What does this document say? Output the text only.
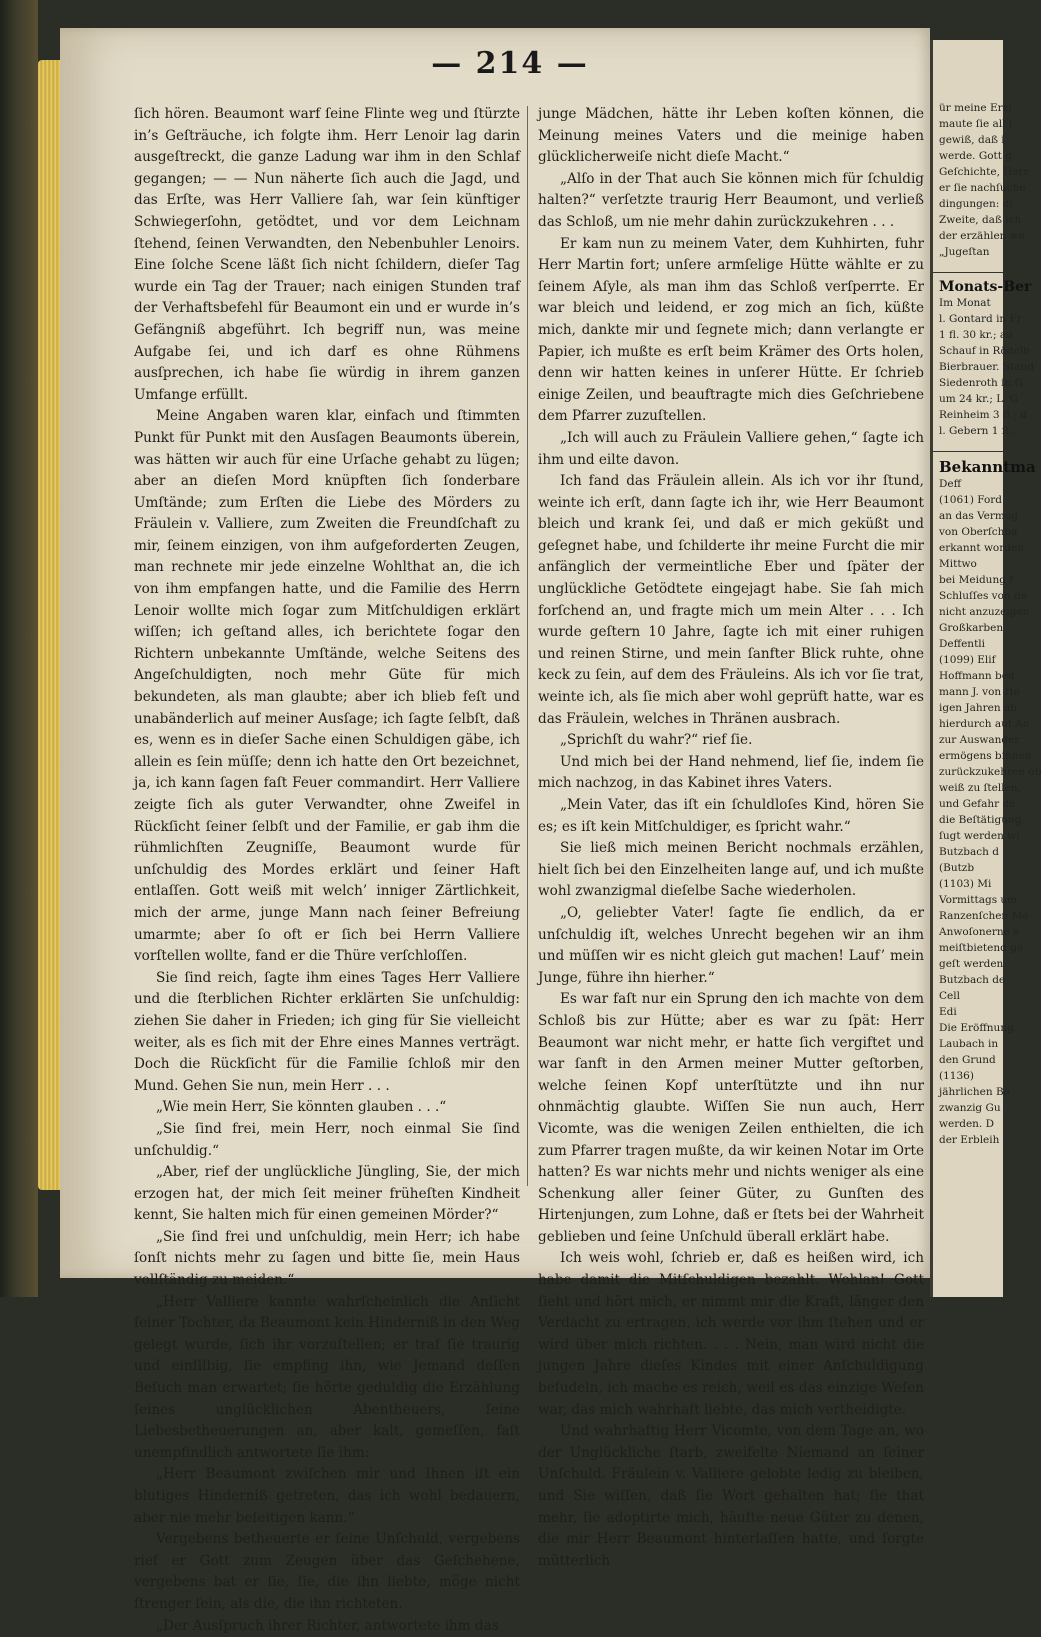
— 214 —

ſich hören. Beaumont warf ſeine Flinte weg und ſtürzte in’s Geſträuche, ich folgte ihm. Herr Lenoir lag darin ausgeſtreckt, die ganze Ladung war ihm in den Schlaf gegangen; — — Nun näherte ſich auch die Jagd, und das Erſte, was Herr Valliere ſah, war ſein künftiger Schwiegerſohn, getödtet, und vor dem Leichnam ſtehend, ſeinen Verwandten, den Nebenbuhler Lenoirs. Eine ſolche Scene läßt ſich nicht ſchildern, dieſer Tag wurde ein Tag der Trauer; nach einigen Stunden traf der Verhaftsbefehl für Beaumont ein und er wurde in’s Gefängniß abgeführt. Ich begriff nun, was meine Aufgabe ſei, und ich darf es ohne Rühmens ausſprechen, ich habe ſie würdig in ihrem ganzen Umfange erfüllt.

Meine Angaben waren klar, einfach und ſtimmten Punkt für Punkt mit den Ausſagen Beaumonts überein, was hätten wir auch für eine Urſache gehabt zu lügen; aber an dieſen Mord knüpften ſich ſonderbare Umſtände; zum Erſten die Liebe des Mörders zu Fräulein v. Valliere, zum Zweiten die Freundſchaft zu mir, ſeinem einzigen, von ihm aufgeforderten Zeugen, man rechnete mir jede einzelne Wohlthat an, die ich von ihm empfangen hatte, und die Familie des Herrn Lenoir wollte mich ſogar zum Mitſchuldigen erklärt wiſſen; ich geſtand alles, ich berichtete ſogar den Richtern unbekannte Umſtände, welche Seitens des Angeſchuldigten, noch mehr Güte für mich bekundeten, als man glaubte; aber ich blieb feſt und unabänderlich auf meiner Ausſage; ich ſagte ſelbſt, daß es, wenn es in dieſer Sache einen Schuldigen gäbe, ich allein es ſein müſſe; denn ich hatte den Ort bezeichnet, ja, ich kann ſagen faſt Feuer commandirt. Herr Valliere zeigte ſich als guter Verwandter, ohne Zweifel in Rückſicht ſeiner ſelbſt und der Familie, er gab ihm die rühmlichſten Zeugniſſe, Beaumont wurde für unſchuldig des Mordes erklärt und ſeiner Haft entlaſſen. Gott weiß mit welch’ inniger Zärtlichkeit, mich der arme, junge Mann nach ſeiner Befreiung umarmte; aber ſo oft er ſich bei Herrn Valliere vorſtellen wollte, fand er die Thüre verſchloſſen.

Sie ſind reich, ſagte ihm eines Tages Herr Valliere und die ſterblichen Richter erklärten Sie unſchuldig: ziehen Sie daher in Frieden; ich ging für Sie vielleicht weiter, als es ſich mit der Ehre eines Mannes verträgt. Doch die Rückſicht für die Familie ſchloß mir den Mund. Gehen Sie nun, mein Herr . . .

„Wie mein Herr, Sie könnten glauben . . .“

„Sie ſind frei, mein Herr, noch einmal Sie ſind unſchuldig.“

„Aber, rief der unglückliche Jüngling, Sie, der mich erzogen hat, der mich ſeit meiner früheſten Kindheit kennt, Sie halten mich für einen gemeinen Mörder?“

„Sie ſind frei und unſchuldig, mein Herr; ich habe ſonſt nichts mehr zu ſagen und bitte ſie, mein Haus vollſtändig zu meiden.“

„Herr Valliere kannte wahrſcheinlich die Anſicht ſeiner Tochter, da Beaumont kein Hinderniß in den Weg gelegt wurde, ſich ihr vorzuſtellen; er traf ſie traurig und einſilbig, ſie empfing ihn, wie Jemand deſſen Beſuch man erwartet; ſie hörte geduldig die Erzählung ſeines unglücklichen Abentheuers, ſeine Liebesbetheuerungen an, aber kalt, gemeſſen, faſt unempfindlich antwortete ſie ihm:

„Herr Beaumont zwiſchen mir und Ihnen iſt ein blutiges Hinderniß getreten, das ich wohl bedauern, aber nie mehr beſeitigen kann.“

Vergebens betheuerte er ſeine Unſchuld, vergebens rief er Gott zum Zeugen über das Geſchehene, vergebens bat er ſie, ſie, die ihn liebte, möge nicht ſtrenger ſein, als die, die ihn richteten.

„Der Ausſpruch ihrer Richter, antwortete ihm das

junge Mädchen, hätte ihr Leben koſten können, die Meinung meines Vaters und die meinige haben glücklicherweiſe nicht dieſe Macht.“

„Alſo in der That auch Sie können mich für ſchuldig halten?“ verſetzte traurig Herr Beaumont, und verließ das Schloß, um nie mehr dahin zurückzukehren . . .

Er kam nun zu meinem Vater, dem Kuhhirten, fuhr Herr Martin fort; unſere armſelige Hütte wählte er zu ſeinem Aſyle, als man ihm das Schloß verſperrte. Er war bleich und leidend, er zog mich an ſich, küßte mich, dankte mir und ſegnete mich; dann verlangte er Papier, ich mußte es erſt beim Krämer des Orts holen, denn wir hatten keines in unſerer Hütte. Er ſchrieb einige Zeilen, und beauftragte mich dies Geſchriebene dem Pfarrer zuzuſtellen.

„Ich will auch zu Fräulein Valliere gehen,“ ſagte ich ihm und eilte davon.

Ich fand das Fräulein allein. Als ich vor ihr ſtund, weinte ich erſt, dann ſagte ich ihr, wie Herr Beaumont bleich und krank ſei, und daß er mich geküßt und geſegnet habe, und ſchilderte ihr meine Furcht die mir anfänglich der vermeintliche Eber und ſpäter der unglückliche Getödtete eingejagt habe. Sie ſah mich forſchend an, und fragte mich um mein Alter . . . Ich wurde geſtern 10 Jahre, ſagte ich mit einer ruhigen und reinen Stirne, und mein ſanfter Blick ruhte, ohne keck zu ſein, auf dem des Fräuleins. Als ich vor ſie trat, weinte ich, als ſie mich aber wohl geprüft hatte, war es das Fräulein, welches in Thränen ausbrach.

„Sprichſt du wahr?“ rief ſie.

Und mich bei der Hand nehmend, lief ſie, indem ſie mich nachzog, in das Kabinet ihres Vaters.

„Mein Vater, das iſt ein ſchuldloſes Kind, hören Sie es; es iſt kein Mitſchuldiger, es ſpricht wahr.“

Sie ließ mich meinen Bericht nochmals erzählen, hielt ſich bei den Einzelheiten lange auf, und ich mußte wohl zwanzigmal dieſelbe Sache wiederholen.

„O, geliebter Vater! ſagte ſie endlich, da er unſchuldig iſt, welches Unrecht begehen wir an ihm und müſſen wir es nicht gleich gut machen! Lauf’ mein Junge, führe ihn hierher.“

Es war faſt nur ein Sprung den ich machte von dem Schloß bis zur Hütte; aber es war zu ſpät: Herr Beaumont war nicht mehr, er hatte ſich vergiftet und war ſanft in den Armen meiner Mutter geſtorben, welche ſeinen Kopf unterſtützte und ihn nur ohnmächtig glaubte. Wiſſen Sie nun auch, Herr Vicomte, was die wenigen Zeilen enthielten, die ich zum Pfarrer tragen mußte, da wir keinen Notar im Orte hatten? Es war nichts mehr und nichts weniger als eine Schenkung aller ſeiner Güter, zu Gunſten des Hirtenjungen, zum Lohne, daß er ſtets bei der Wahrheit geblieben und ſeine Unſchuld überall erklärt habe.

Ich weis wohl, ſchrieb er, daß es heißen wird, ich habe damit die Mitſchuldigen bezahlt. Wohlan! Gott ſieht und hört mich, er nimmt mir die Kraft, länger den Verdacht zu ertragen, ich werde vor ihm ſtehen und er wird über mich richten. . . . Nein, man wird nicht die jungen Jahre dieſes Kindes mit einer Anſchuldigung beſudeln, ich mache es reich, weil es das einzige Weſen war, das mich wahrhaft liebte, das mich vertheidigte.

Und wahrhaftig Herr Vicomte, von dem Tage an, wo der Unglückliche ſtarb, zweifelte Niemand an ſeiner Unſchuld. Fräulein v. Valliere gelobte ledig zu bleiben, und Sie wiſſen, daß ſie Wort gehalten hat; ſie that mehr, ſie adoptirte mich, häufte neue Güter zu denen, die mir Herr Beaumont hinterlaſſen hatte, und ſorgte mütterlich

ür meine Erzi
maute ſie all i
gewiß, daß i
werde. Gott g
Geſchichte, Herr
er ſie nachſuche
dingungen: di
Zweite, daß ich
der erzählen we
„Jugeſtan
Monats-Ber
Im Monat
l. Gontard in Fr
1 fl. 30 kr.; au
Schauf in Rödelh
Bierbrauer. Staud
Siedenroth in G
um 24 kr.; L. G
Reinheim 3 fl.; d
l. Gebern 1 fl.;
Bekanntma
Deff
(1061) Ford
an das Vermög
von Oberſchba
erkannt worden
Mittwo
bei Meidung f
Schluſſes von de
nicht anzuzeigen
Großkarben
Deffentli
(1099) Elif
Hoffmann bed
mann J. von He
igen Jahren ab
hierdurch auf An
zur Auswander
ermögens binnen
zurückzukehren ob
weiß zu ſtellen,
und Gefahr de
die Beſtätigung
ſugt werden wi
Butzbach d
(Butzb
(1103) Mi
Vormittags um
Ranzenſchen Me
Anwoſonerne e
meiſtbietend ge
geſt werden.
Butzbach de
Cell
Edi
Die Eröffnung
Laubach in
den Grund
(1136)
jährlichen Be
zwanzig Gu
werden. D
der Erbleih
